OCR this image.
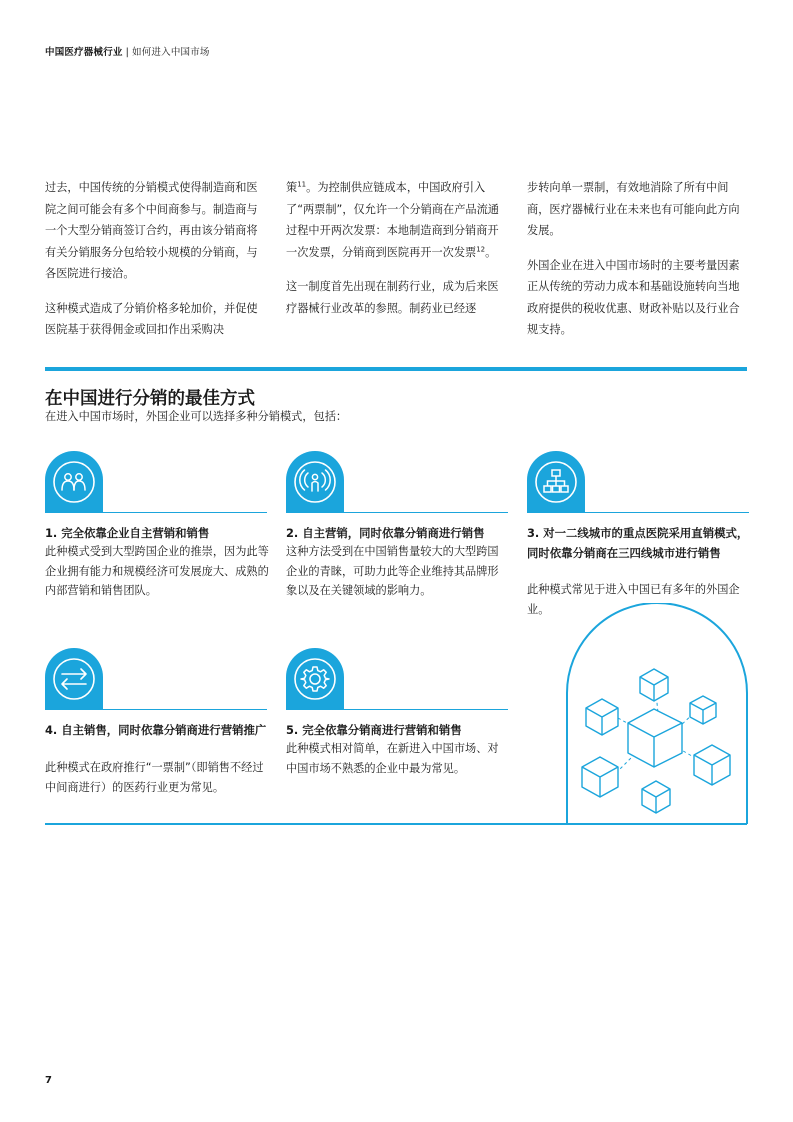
中国医疗器械行业 | 如何进入中国市场

过去，中国传统的分销模式使得制造商和医院之间可能会有多个中间商参与。制造商与一个大型分销商签订合约，再由该分销商将有关分销服务分包给较小规模的分销商，与各医院进行接洽。

这种模式造成了分销价格多轮加价，并促使医院基于获得佣金或回扣作出采购决

策$^{11}$。为控制供应链成本，中国政府引入了“两票制”，仅允许一个分销商在产品流通过程中开两次发票：本地制造商到分销商开一次发票，分销商到医院再开一次发票$^{12}$。

这一制度首先出现在制药行业，成为后来医疗器械行业改革的参照。制药业已经逐

步转向单一票制，有效地消除了所有中间商，医疗器械行业在未来也有可能向此方向发展。

外国企业在进入中国市场时的主要考量因素正从传统的劳动力成本和基础设施转向当地政府提供的税收优惠、财政补贴以及行业合规支持。

在中国进行分销的最佳方式
在进入中国市场时，外国企业可以选择多种分销模式，包括：
1. 完全依靠企业自主营销和销售
此种模式受到大型跨国企业的推崇，因为此等企业拥有能力和规模经济可发展庞大、成熟的内部营销和销售团队。
2. 自主营销，同时依靠分销商进行销售
这种方法受到在中国销售量较大的大型跨国企业的青睐，可助力此等企业维持其品牌形象以及在关键领域的影响力。
3. 对一二线城市的重点医院采用直销模式，同时依靠分销商在三四线城市进行销售
此种模式常见于进入中国已有多年的外国企业。
4. 自主销售，同时依靠分销商进行营销推广
此种模式在政府推行“一票制”（即销售不经过中间商进行）的医药行业更为常见。
5. 完全依靠分销商进行营销和销售
此种模式相对简单，在新进入中国市场、对中国市场不熟悉的企业中最为常见。
7
